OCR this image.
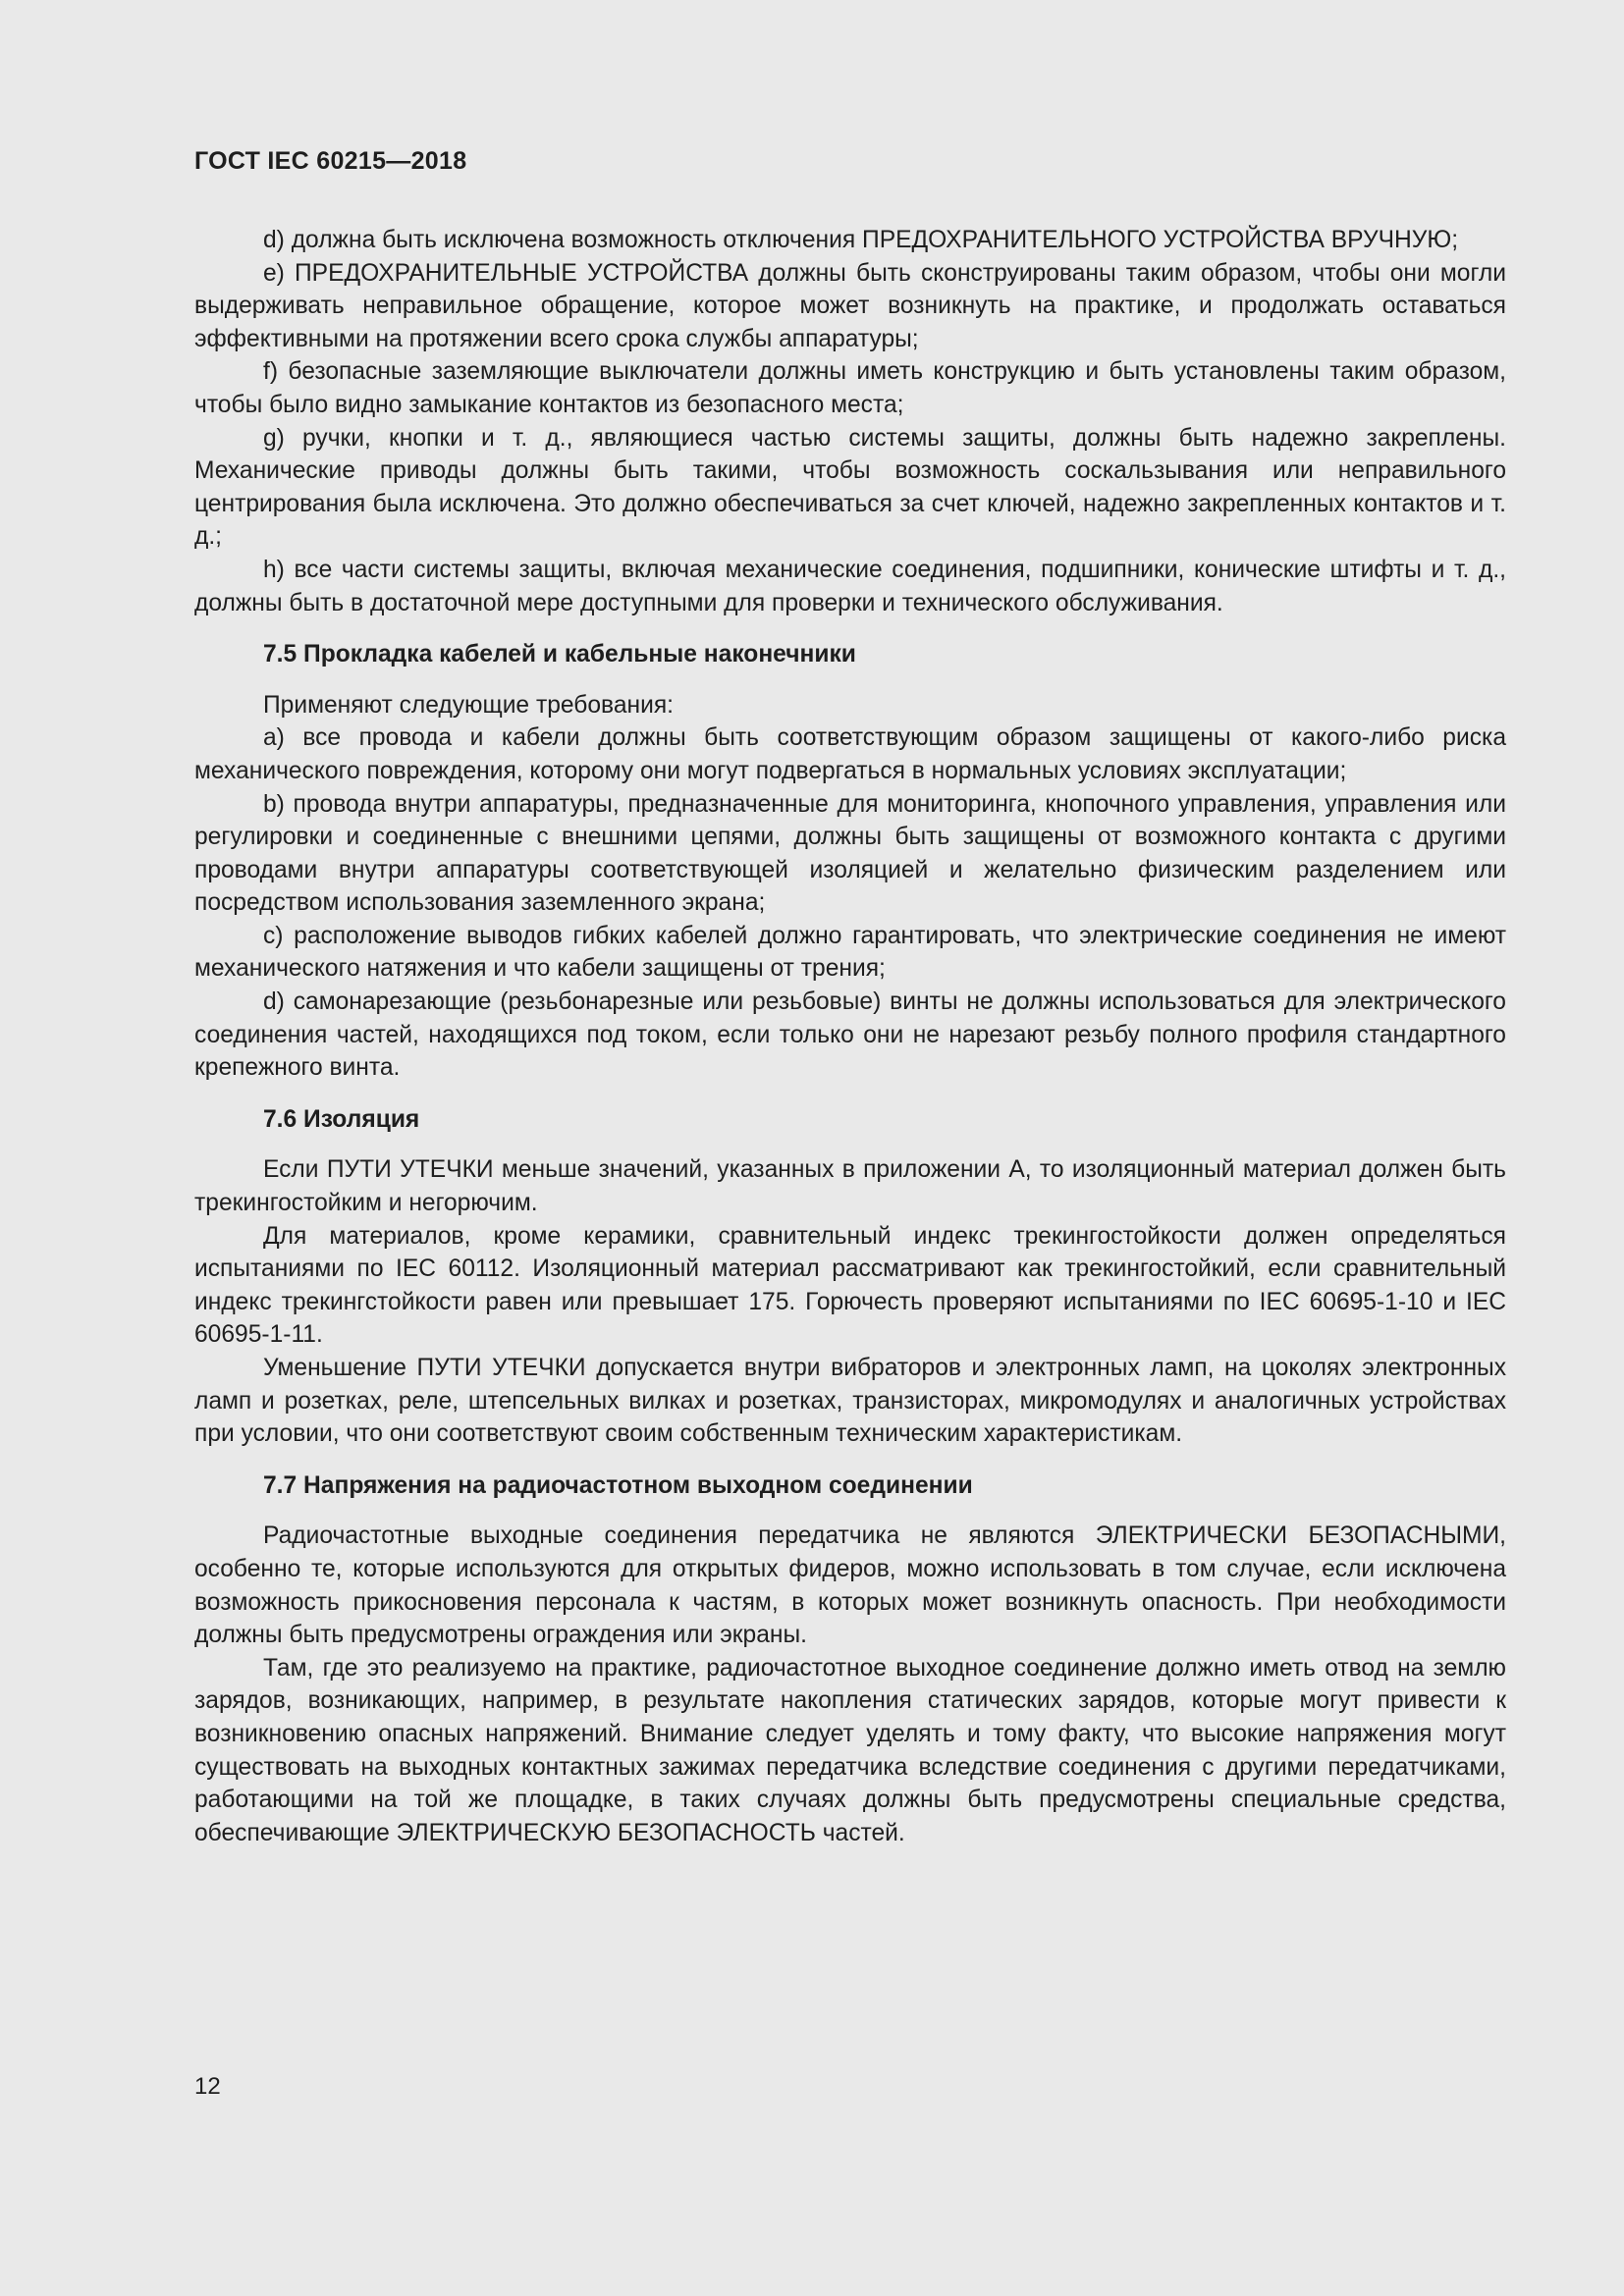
ГОСТ IEC 60215—2018

d) должна быть исключена возможность отключения ПРЕДОХРАНИТЕЛЬНОГО УСТРОЙСТВА ВРУЧНУЮ;

e) ПРЕДОХРАНИТЕЛЬНЫЕ УСТРОЙСТВА должны быть сконструированы таким образом, чтобы они могли выдерживать неправильное обращение, которое может возникнуть на практике, и продолжать оставаться эффективными на протяжении всего срока службы аппаратуры;

f) безопасные заземляющие выключатели должны иметь конструкцию и быть установлены таким образом, чтобы было видно замыкание контактов из безопасного места;

g) ручки, кнопки и т. д., являющиеся частью системы защиты, должны быть надежно закреплены. Механические приводы должны быть такими, чтобы возможность соскальзывания или неправильного центрирования была исключена. Это должно обеспечиваться за счет ключей, надежно закрепленных контактов и т. д.;

h) все части системы защиты, включая механические соединения, подшипники, конические штифты и т. д., должны быть в достаточной мере доступными для проверки и технического обслуживания.

7.5 Прокладка кабелей и кабельные наконечники

Применяют следующие требования:

a) все провода и кабели должны быть соответствующим образом защищены от какого-либо риска механического повреждения, которому они могут подвергаться в нормальных условиях эксплуатации;

b) провода внутри аппаратуры, предназначенные для мониторинга, кнопочного управления, управления или регулировки и соединенные с внешними цепями, должны быть защищены от возможного контакта с другими проводами внутри аппаратуры соответствующей изоляцией и желательно физическим разделением или посредством использования заземленного экрана;

c) расположение выводов гибких кабелей должно гарантировать, что электрические соединения не имеют механического натяжения и что кабели защищены от трения;

d) самонарезающие (резьбонарезные или резьбовые) винты не должны использоваться для электрического соединения частей, находящихся под током, если только они не нарезают резьбу полного профиля стандартного крепежного винта.

7.6 Изоляция

Если ПУТИ УТЕЧКИ меньше значений, указанных в приложении А, то изоляционный материал должен быть трекингостойким и негорючим.

Для материалов, кроме керамики, сравнительный индекс трекингостойкости должен определяться испытаниями по IEC 60112. Изоляционный материал рассматривают как трекингостойкий, если сравнительный индекс трекингстойкости равен или превышает 175. Горючесть проверяют испытаниями по IEC 60695-1-10 и IEC 60695-1-11.

Уменьшение ПУТИ УТЕЧКИ допускается внутри вибраторов и электронных ламп, на цоколях электронных ламп и розетках, реле, штепсельных вилках и розетках, транзисторах, микромодулях и аналогичных устройствах при условии, что они соответствуют своим собственным техническим характеристикам.

7.7 Напряжения на радиочастотном выходном соединении

Радиочастотные выходные соединения передатчика не являются ЭЛЕКТРИЧЕСКИ БЕЗОПАСНЫМИ, особенно те, которые используются для открытых фидеров, можно использовать в том случае, если исключена возможность прикосновения персонала к частям, в которых может возникнуть опасность. При необходимости должны быть предусмотрены ограждения или экраны.

Там, где это реализуемо на практике, радиочастотное выходное соединение должно иметь отвод на землю зарядов, возникающих, например, в результате накопления статических зарядов, которые могут привести к возникновению опасных напряжений. Внимание следует уделять и тому факту, что высокие напряжения могут существовать на выходных контактных зажимах передатчика вследствие соединения с другими передатчиками, работающими на той же площадке, в таких случаях должны быть предусмотрены специальные средства, обеспечивающие ЭЛЕКТРИЧЕСКУЮ БЕЗОПАСНОСТЬ частей.

12
